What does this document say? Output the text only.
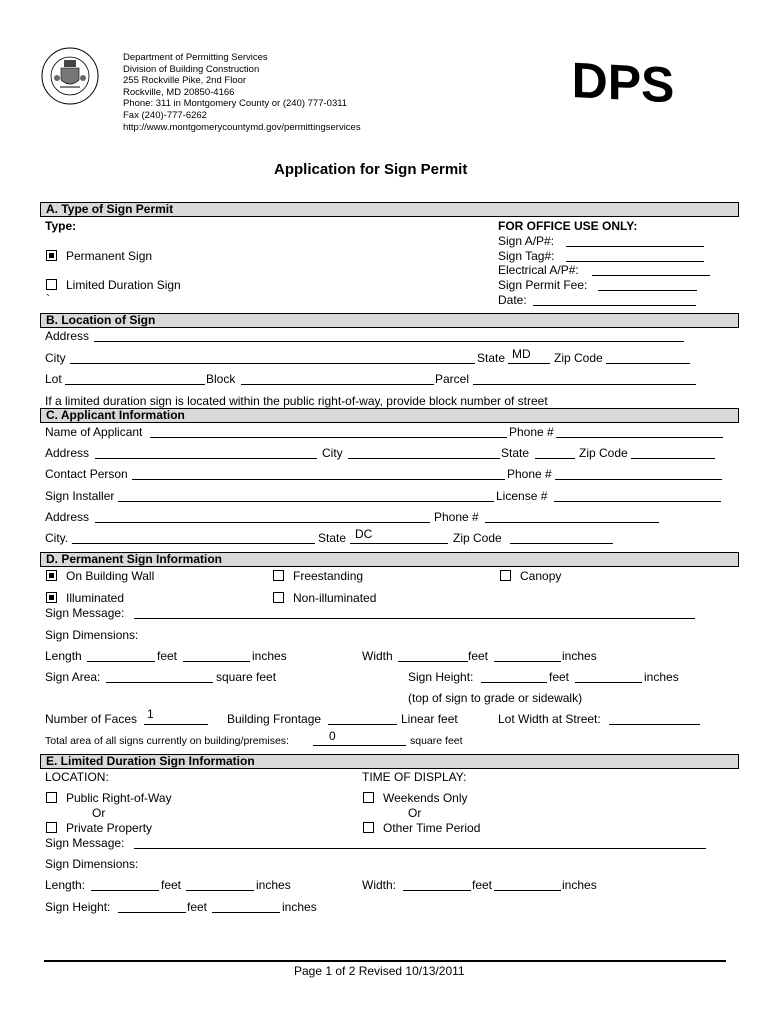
Department of Permitting Services
Division of Building Construction
255 Rockville Pike, 2nd Floor
Rockville, MD 20850-4166
Phone: 311 in Montgomery County or (240) 777-0311
Fax (240)-777-6262
http://www.montgomerycountymd.gov/permittingservices
DPS
Application for Sign Permit
A. Type of Sign Permit
Type:
Permanent Sign
Limited Duration Sign
`
FOR OFFICE USE ONLY:
Sign A/P#:
Sign Tag#:
Electrical A/P#:
Sign Permit Fee:
Date:
B. Location of Sign
Address
City	State MD Zip Code
Lot	Block	Parcel
If a limited duration sign is located within the public right-of-way, provide block number of street
C. Applicant Information
Name of Applicant	Phone #
Address	City	State	Zip Code
Contact Person	Phone #
Sign Installer	License #
Address	Phone #
City.	State DC	Zip Code
D. Permanent Sign Information
On Building Wall	Freestanding	Canopy
Illuminated	Non-illuminated
Sign Message:
Sign Dimensions:
Length	feet	inches	Width	feet	inches
Sign Area:	square feet	Sign Height:	feet	inches
(top of sign to grade or sidewalk)
Number of Faces 1	Building Frontage	Linear feet	Lot Width at Street:
Total area of all signs currently on building/premises:	0	square feet
E. Limited Duration Sign Information
LOCATION:	TIME OF DISPLAY:
Public Right-of-Way
Or
Private Property
Weekends Only
Or
Other Time Period
Sign Message:
Sign Dimensions:
Length:	feet	inches	Width:	feet	inches
Sign Height:	feet	inches
Page 1 of 2 Revised 10/13/2011
